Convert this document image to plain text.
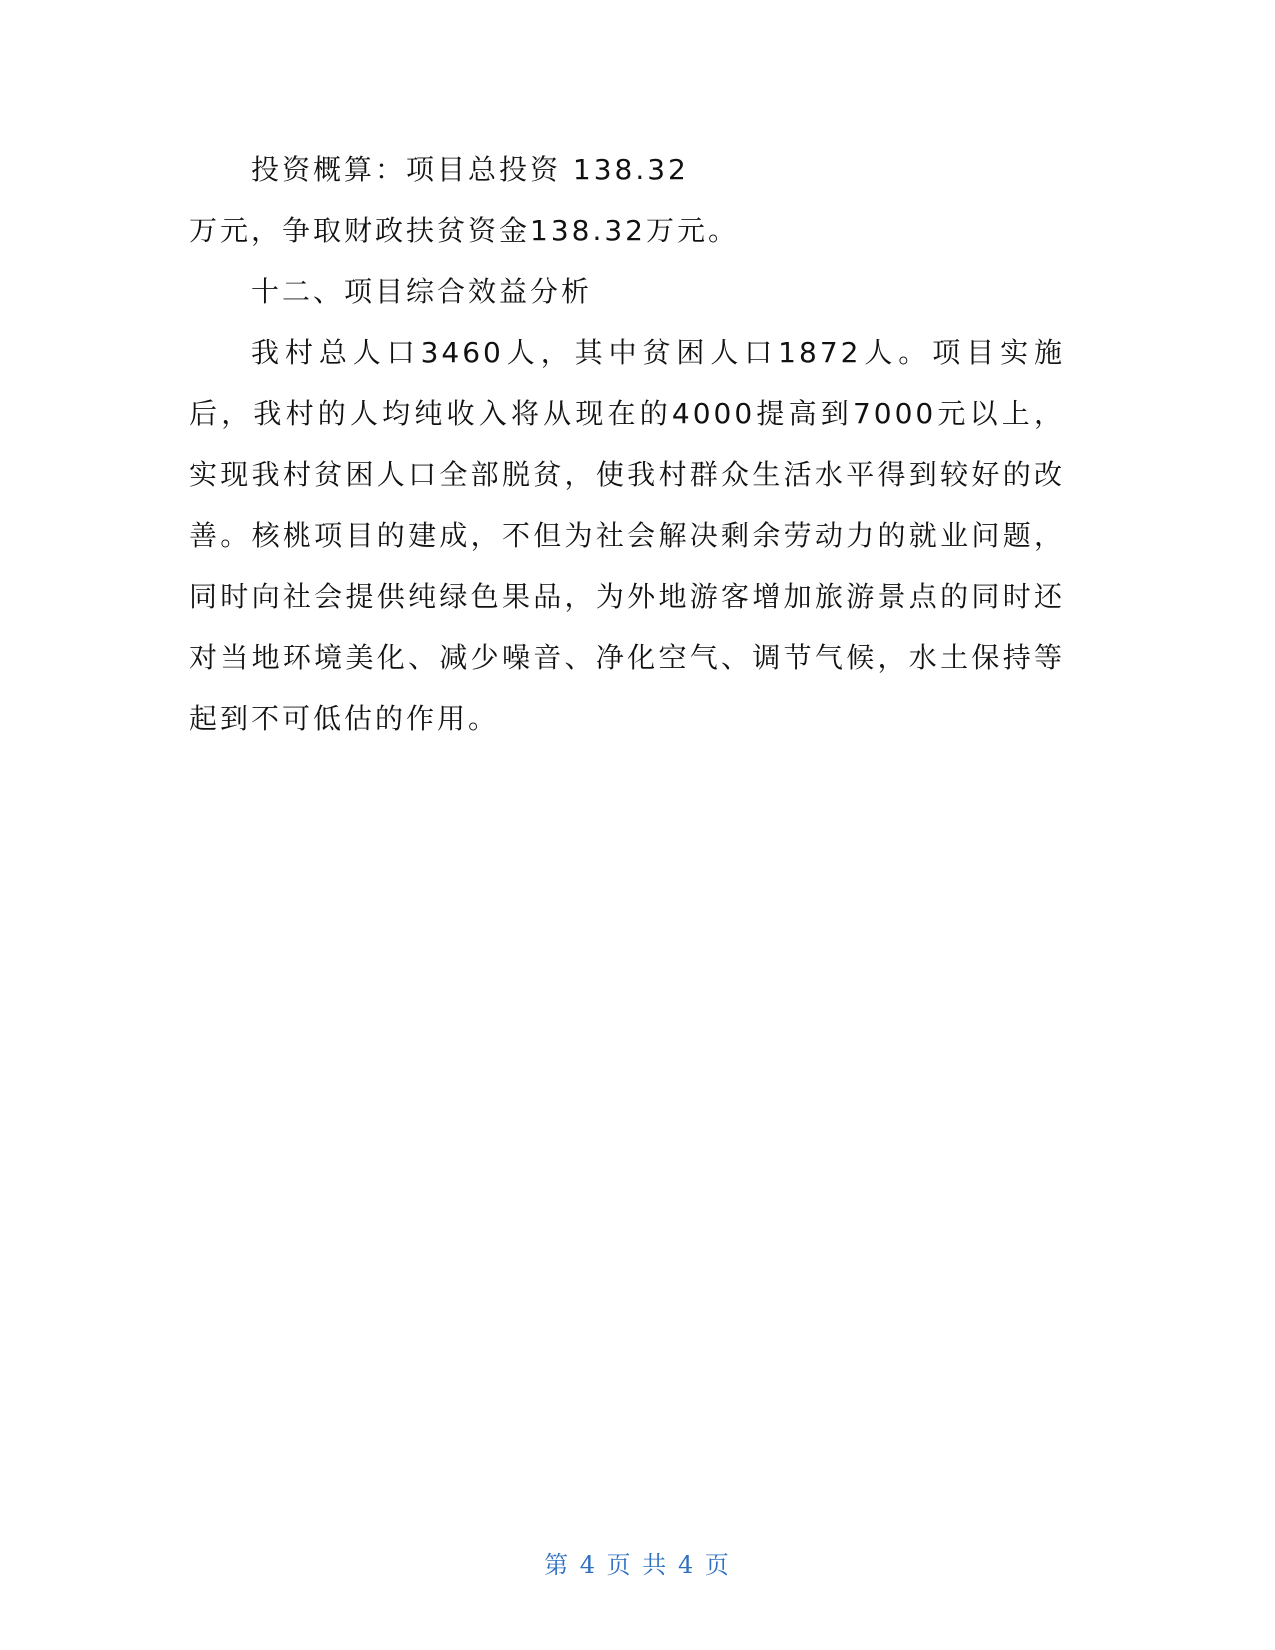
投资概算：项目总投资 138.32
万元，争取财政扶贫资金138.32万元。
十二、项目综合效益分析
我村总人口3460人，其中贫困人口1872人。项目实施后，我村的人均纯收入将从现在的4000提高到7000元以上，实现我村贫困人口全部脱贫，使我村群众生活水平得到较好的改善。核桃项目的建成，不但为社会解决剩余劳动力的就业问题，同时向社会提供纯绿色果品，为外地游客增加旅游景点的同时还对当地环境美化、减少噪音、净化空气、调节气候，水土保持等起到不可低估的作用。
第 4 页 共 4 页
